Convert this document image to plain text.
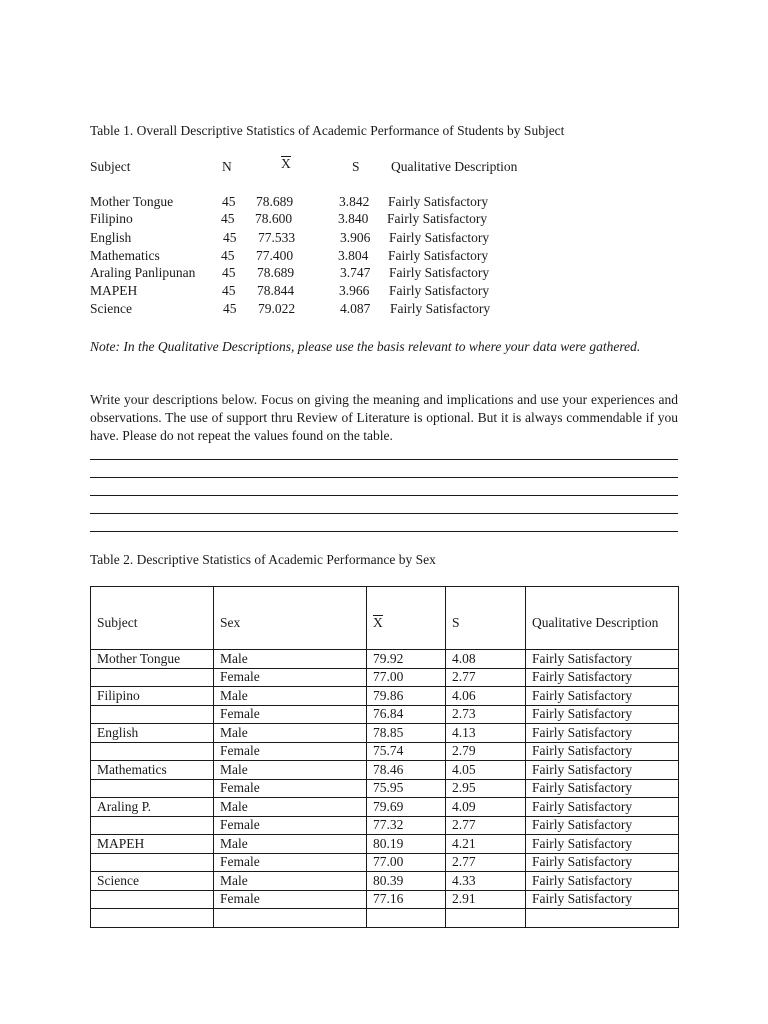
Table 1. Overall Descriptive Statistics of Academic Performance of Students by Subject
Subject	N	X	S Qualitative Description
Mother Tongue	45 78.689	3.842 Fairly Satisfactory
Filipino	45 78.600	3.840 Fairly Satisfactory
English	45 77.533	3.906 Fairly Satisfactory
Mathematics	45 77.400	3.804 Fairly Satisfactory
Araling Panlipunan 45 78.689	3.747 Fairly Satisfactory
MAPEH	45 78.844	3.966 Fairly Satisfactory
Science	45 79.022	4.087 Fairly Satisfactory
Note: In the Qualitative Descriptions, please use the basis relevant to where your data were gathered.
Write your descriptions below. Focus on giving the meaning and implications and use your experiences and observations. The use of support thru Review of Literature is optional. But it is always commendable if you have. Please do not repeat the values found on the table.
Table 2. Descriptive Statistics of Academic Performance by Sex
Subject	Sex	X	S	Qualitative Description
Mother Tongue	Male	79.92	4.08	Fairly Satisfactory
	Female	77.00	2.77	Fairly Satisfactory
Filipino	Male	79.86	4.06	Fairly Satisfactory
	Female	76.84	2.73	Fairly Satisfactory
English	Male	78.85	4.13	Fairly Satisfactory
	Female	75.74	2.79	Fairly Satisfactory
Mathematics	Male	78.46	4.05	Fairly Satisfactory
	Female	75.95	2.95	Fairly Satisfactory
Araling P.	Male	79.69	4.09	Fairly Satisfactory
	Female	77.32	2.77	Fairly Satisfactory
MAPEH	Male	80.19	4.21	Fairly Satisfactory
	Female	77.00	2.77	Fairly Satisfactory
Science	Male	80.39	4.33	Fairly Satisfactory
	Female	77.16	2.91	Fairly Satisfactory
